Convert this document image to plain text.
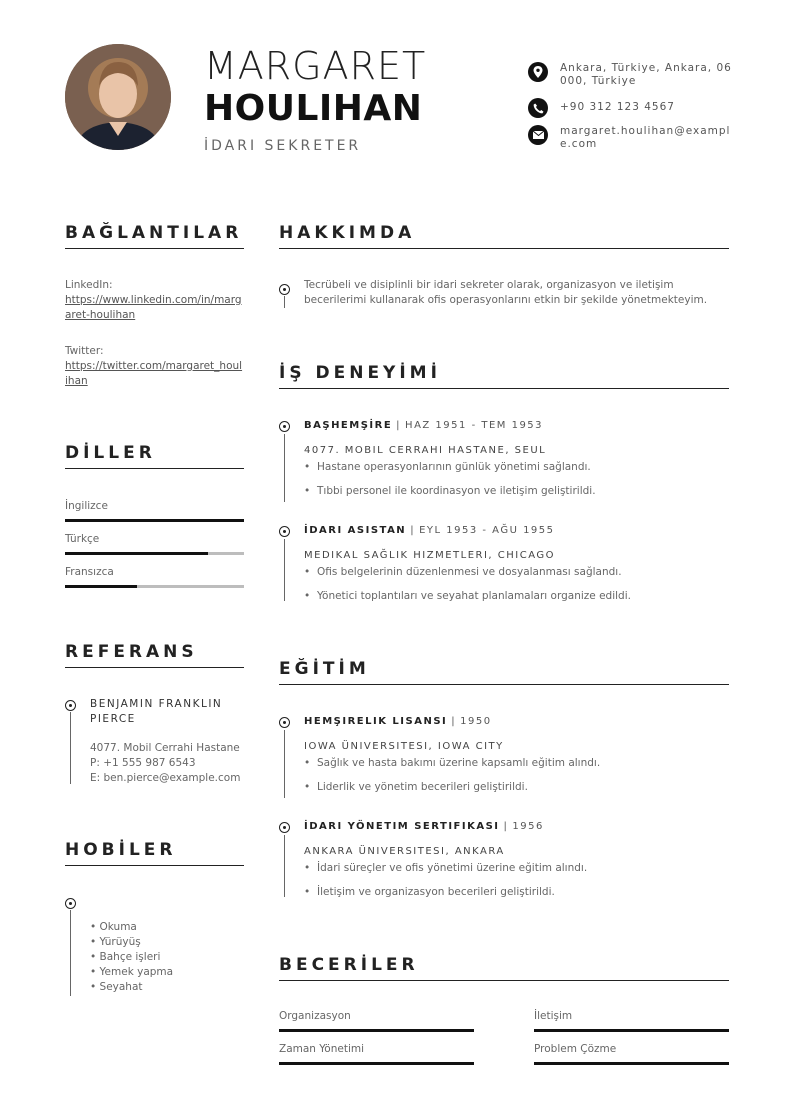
MARGARET
HOULIHAN
İDARI SEKRETER
Ankara, Türkiye, Ankara, 06000, Türkiye
+90 312 123 4567
margaret.houlihan@example.com
BAĞLANTILAR
LinkedIn:
https://www.linkedin.com/in/margaret-houlihan
Twitter:
https://twitter.com/margaret_houlihan
DİLLER
İngilizce
Türkçe
Fransızca
REFERANS
BENJAMIN FRANKLIN PIERCE
4077. Mobil Cerrahi Hastane
P: +1 555 987 6543
E: ben.pierce@example.com
HOBİLER
• Okuma
• Yürüyüş
• Bahçe işleri
• Yemek yapma
• Seyahat
HAKKIMDA
Tecrübeli ve disiplinli bir idari sekreter olarak, organizasyon ve iletişim becerilerimi kullanarak ofis operasyonlarını etkin bir şekilde yönetmekteyim.
İŞ DENEYİMİ
BAŞHEMŞİRE | HAZ 1951 - TEM 1953
4077. MOBIL CERRAHI HASTANE, SEUL
• Hastane operasyonlarının günlük yönetimi sağlandı.
• Tıbbi personel ile koordinasyon ve iletişim geliştirildi.
İDARI ASISTAN | EYL 1953 - AĞU 1955
MEDIKAL SAĞLIK HIZMETLERI, CHICAGO
• Ofis belgelerinin düzenlenmesi ve dosyalanması sağlandı.
• Yönetici toplantıları ve seyahat planlamaları organize edildi.
EĞİTİM
HEMŞIRELIK LISANSI | 1950
IOWA ÜNIVERSITESI, IOWA CITY
• Sağlık ve hasta bakımı üzerine kapsamlı eğitim alındı.
• Liderlik ve yönetim becerileri geliştirildi.
İDARI YÖNETIM SERTIFIKASI | 1956
ANKARA ÜNIVERSITESI, ANKARA
• İdari süreçler ve ofis yönetimi üzerine eğitim alındı.
• İletişim ve organizasyon becerileri geliştirildi.
BECERİLER
Organizasyon	İletişim
Zaman Yönetimi	Problem Çözme
